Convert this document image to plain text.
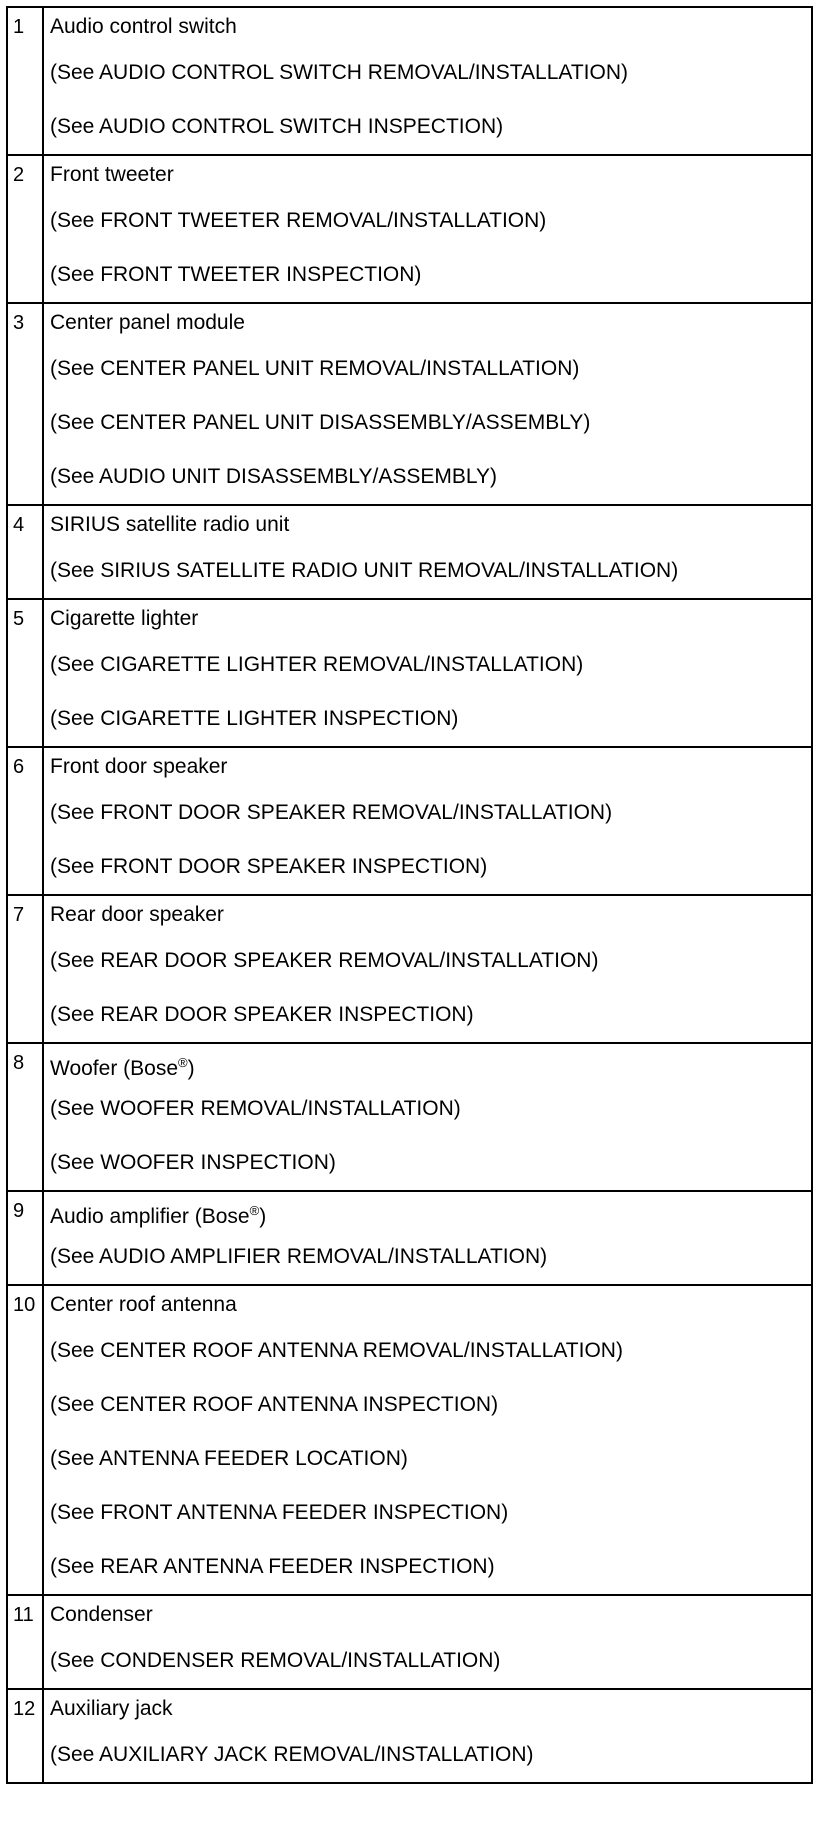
1	Audio control switch
(See AUDIO CONTROL SWITCH REMOVAL/INSTALLATION)
(See AUDIO CONTROL SWITCH INSPECTION)
2	Front tweeter
(See FRONT TWEETER REMOVAL/INSTALLATION)
(See FRONT TWEETER INSPECTION)
3	Center panel module
(See CENTER PANEL UNIT REMOVAL/INSTALLATION)
(See CENTER PANEL UNIT DISASSEMBLY/ASSEMBLY)
(See AUDIO UNIT DISASSEMBLY/ASSEMBLY)
4	SIRIUS satellite radio unit
(See SIRIUS SATELLITE RADIO UNIT REMOVAL/INSTALLATION)
5	Cigarette lighter
(See CIGARETTE LIGHTER REMOVAL/INSTALLATION)
(See CIGARETTE LIGHTER INSPECTION)
6	Front door speaker
(See FRONT DOOR SPEAKER REMOVAL/INSTALLATION)
(See FRONT DOOR SPEAKER INSPECTION)
7	Rear door speaker
(See REAR DOOR SPEAKER REMOVAL/INSTALLATION)
(See REAR DOOR SPEAKER INSPECTION)
8	Woofer (Bose®)
(See WOOFER REMOVAL/INSTALLATION)
(See WOOFER INSPECTION)
9	Audio amplifier (Bose®)
(See AUDIO AMPLIFIER REMOVAL/INSTALLATION)
10 Center roof antenna
(See CENTER ROOF ANTENNA REMOVAL/INSTALLATION)
(See CENTER ROOF ANTENNA INSPECTION)
(See ANTENNA FEEDER LOCATION)
(See FRONT ANTENNA FEEDER INSPECTION)
(See REAR ANTENNA FEEDER INSPECTION)
11 Condenser
(See CONDENSER REMOVAL/INSTALLATION)
12 Auxiliary jack
(See AUXILIARY JACK REMOVAL/INSTALLATION)
